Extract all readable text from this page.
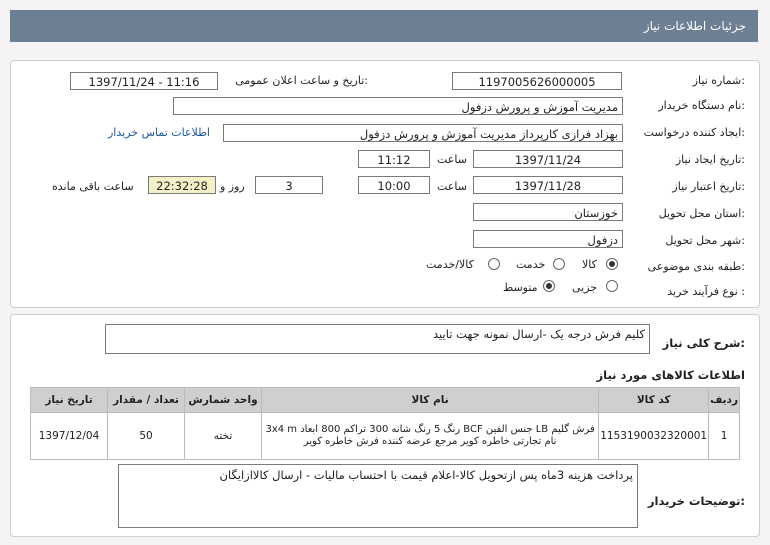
جزئیات اطلاعات نیاز
شماره نیاز:
1197005626000005
تاریخ و ساعت اعلان عمومی:
1397/11/24 - 11:16
نام دستگاه خریدار:
مدیریت آموزش و پرورش دزفول
ایجاد کننده درخواست:
بهزاد فرازی کارپرداز مدیریت آموزش و پرورش دزفول
اطلاعات تماس خریدار
تاریخ ایجاد نیاز:
1397/11/24
ساعت
11:12
تاریخ اعتبار نیاز:
1397/11/28
ساعت
10:00
3
روز و
22:32:28
ساعت باقی مانده
استان محل تحویل:
خوزستان
شهر محل تحویل:
دزفول
طبقه بندی موضوعی:
کالا
خدمت
کالا/خدمت
نوع فرآیند خرید :
جزیی
متوسط
شرح کلی نیاز:
کلیم فرش درجه یک -ارسال نمونه جهت تایید
اطلاعات کالاهای مورد نیاز
تاریخ نیاز	تعداد / مقدار	واحد شمارش	نام کالا	کد کالا	ردیف
1397/12/04	50	تخته	فرش گلیم LB جنس الفین BCF رنگ 5 رنگ شانه 300 تراکم 800 ابعاد 3x4 m نام تجارتی خاطره کویر مرجع عرضه کننده فرش خاطره کویر	1153190032320001	1
توضیحات خریدار:
پرداخت هزینه 3ماه پس ازتحویل کالا-اعلام قیمت با احتساب مالیات - ارسال کالاازایگان
